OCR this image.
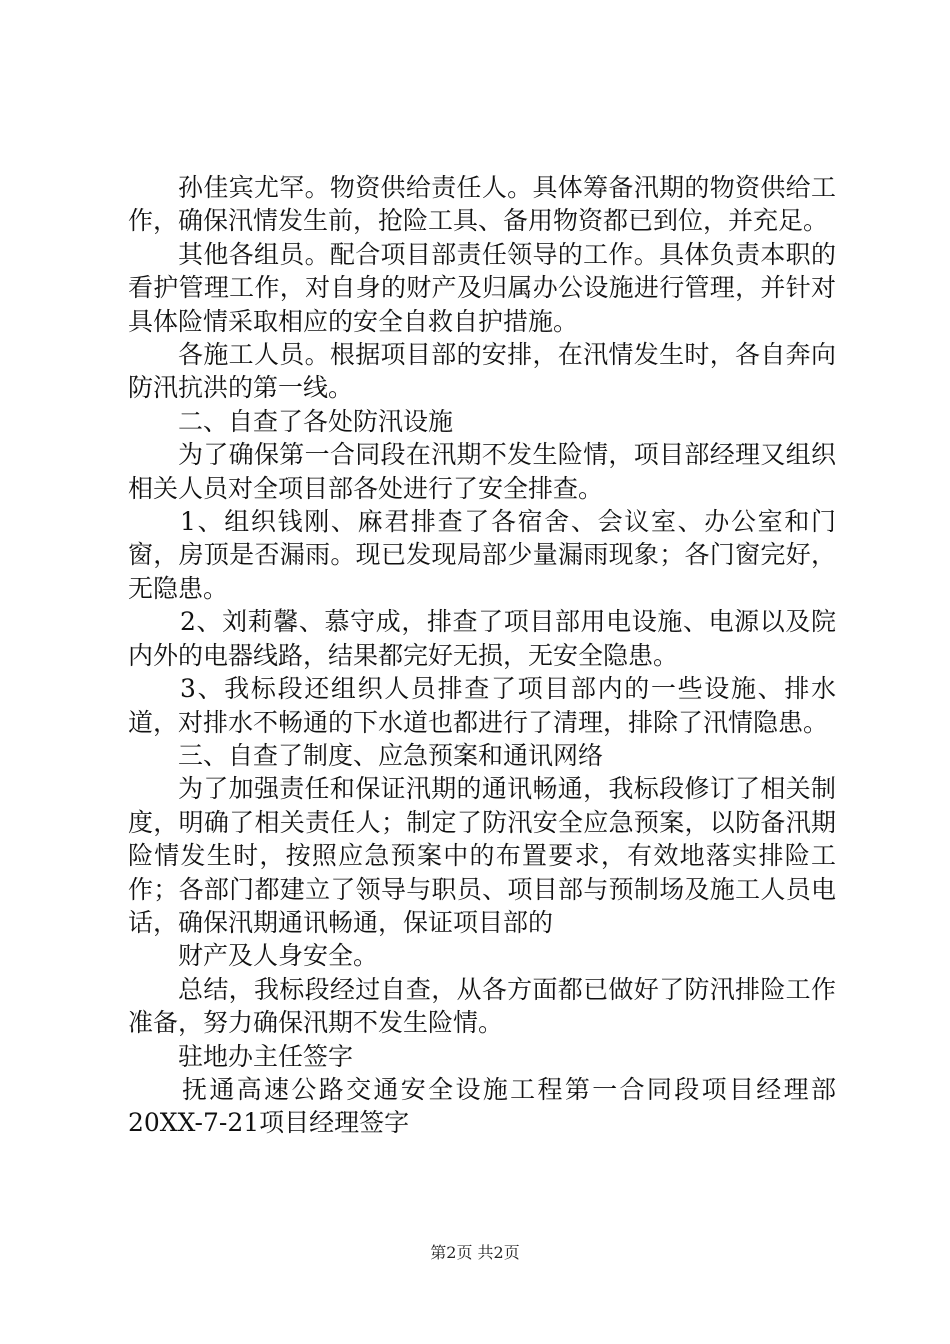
孙佳宾尤罕。物资供给责任人。具体筹备汛期的物资供给工作，确保汛情发生前，抢险工具、备用物资都已到位，并充足。

其他各组员。配合项目部责任领导的工作。具体负责本职的看护管理工作，对自身的财产及归属办公设施进行管理，并针对具体险情采取相应的安全自救自护措施。

各施工人员。根据项目部的安排，在汛情发生时，各自奔向防汛抗洪的第一线。

二、自查了各处防汛设施

为了确保第一合同段在汛期不发生险情，项目部经理又组织相关人员对全项目部各处进行了安全排查。

1、组织钱刚、麻君排查了各宿舍、会议室、办公室和门窗，房顶是否漏雨。现已发现局部少量漏雨现象；各门窗完好，无隐患。

2、刘莉馨、慕守成，排查了项目部用电设施、电源以及院内外的电器线路，结果都完好无损，无安全隐患。

3、我标段还组织人员排查了项目部内的一些设施、排水道，对排水不畅通的下水道也都进行了清理，排除了汛情隐患。

三、自查了制度、应急预案和通讯网络

为了加强责任和保证汛期的通讯畅通，我标段修订了相关制度，明确了相关责任人；制定了防汛安全应急预案，以防备汛期险情发生时，按照应急预案中的布置要求，有效地落实排险工作；各部门都建立了领导与职员、项目部与预制场及施工人员电话，确保汛期通讯畅通，保证项目部的

财产及人身安全。

总结，我标段经过自查，从各方面都已做好了防汛排险工作准备，努力确保汛期不发生险情。

驻地办主任签字

抚通高速公路交通安全设施工程第一合同段项目经理部20XX-7-21项目经理签字

第2页 共2页
